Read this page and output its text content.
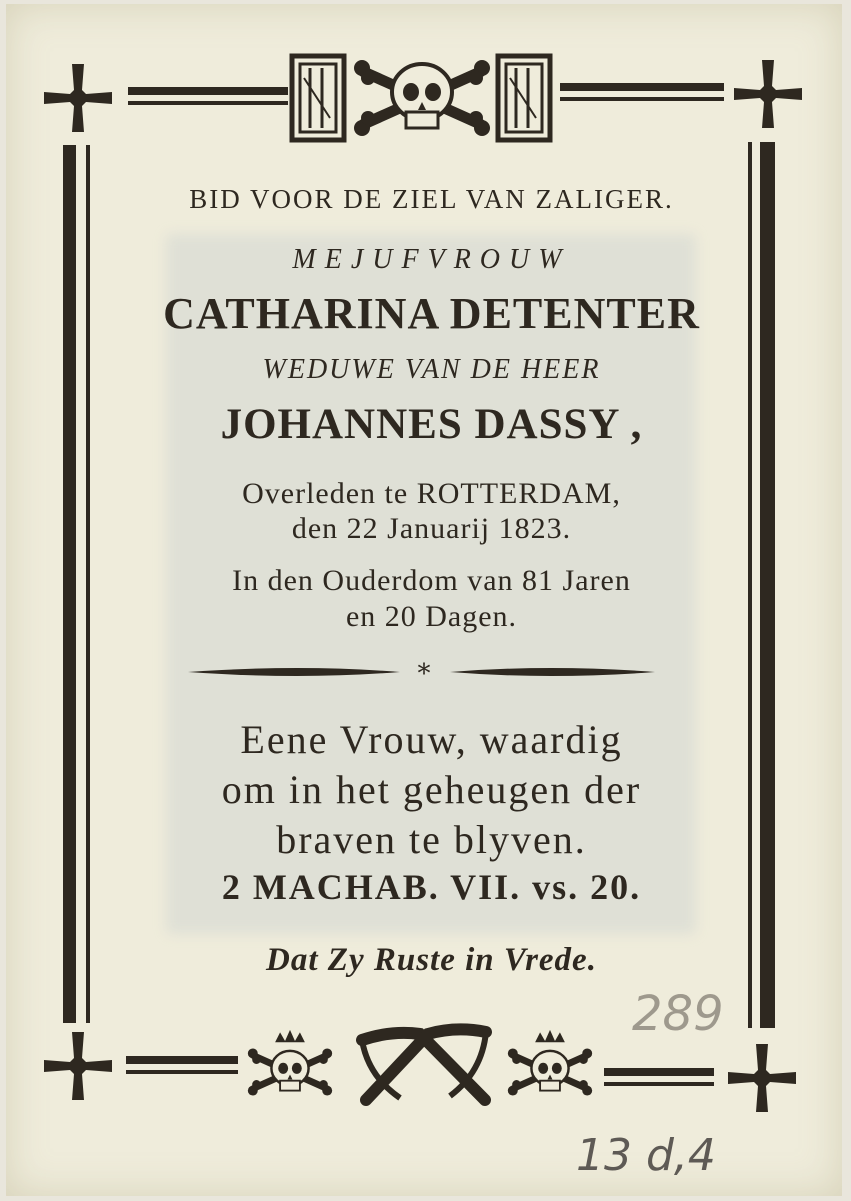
*
BID VOOR DE ZIEL VAN ZALIGER.
MEJUFVROUW
CATHARINA DETENTER
WEDUWE VAN DE HEER
JOHANNES DASSY ,
Overleden te ROTTERDAM,
den 22 Januarij 1823.
In den Ouderdom van 81 Jaren
en 20 Dagen.
Eene Vrouw, waardig
om in het geheugen der
braven te blyven.
2 MACHAB. VII. vs. 20.
Dat Zy Ruste in Vrede.
289
13 d,4
